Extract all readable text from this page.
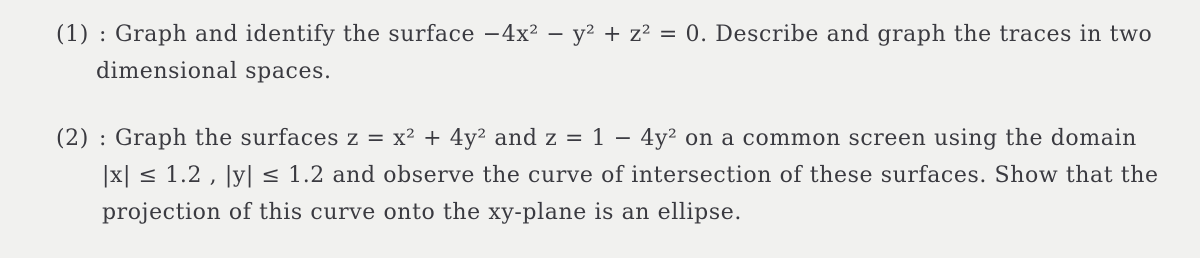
(1) : Graph and identify the surface −4x² − y² + z² = 0. Describe and graph the traces in two
dimensional spaces.
(2) : Graph the surfaces z = x² + 4y² and z = 1 − 4y² on a common screen using the domain
|x| ≤ 1.2 , |y| ≤ 1.2 and observe the curve of intersection of these surfaces. Show that the
projection of this curve onto the xy-plane is an ellipse.
